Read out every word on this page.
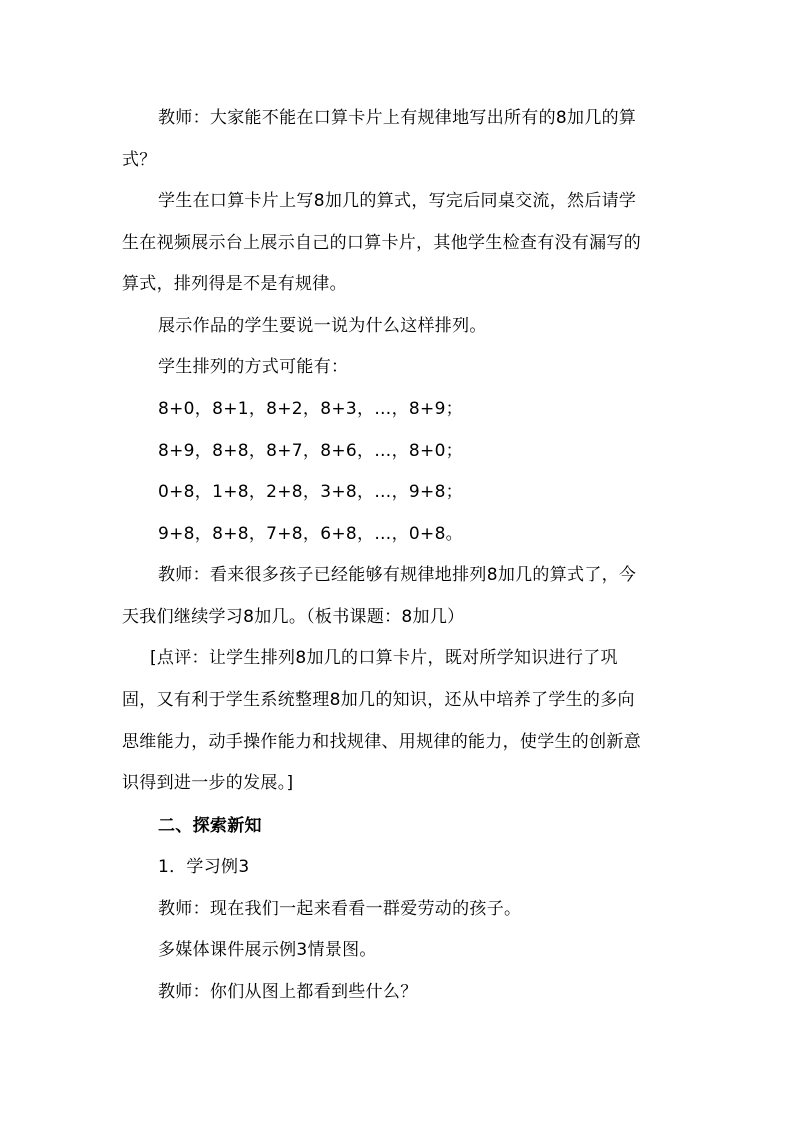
教师：大家能不能在口算卡片上有规律地写出所有的8加几的算
式？
学生在口算卡片上写8加几的算式，写完后同桌交流，然后请学
生在视频展示台上展示自己的口算卡片，其他学生检查有没有漏写的
算式，排列得是不是有规律。
展示作品的学生要说一说为什么这样排列。
学生排列的方式可能有：
8+0，8+1，8+2，8+3，…，8+9；
8+9，8+8，8+7，8+6，…，8+0；
0+8，1+8，2+8，3+8，…，9+8；
9+8，8+8，7+8，6+8，…，0+8。
教师：看来很多孩子已经能够有规律地排列8加几的算式了，今
天我们继续学习8加几。（板书课题：8加几）
[点评：让学生排列8加几的口算卡片，既对所学知识进行了巩
固，又有利于学生系统整理8加几的知识，还从中培养了学生的多向
思维能力，动手操作能力和找规律、用规律的能力，使学生的创新意
识得到进一步的发展。]
二、探索新知
1．学习例3
教师：现在我们一起来看看一群爱劳动的孩子。
多媒体课件展示例3情景图。
教师：你们从图上都看到些什么？
